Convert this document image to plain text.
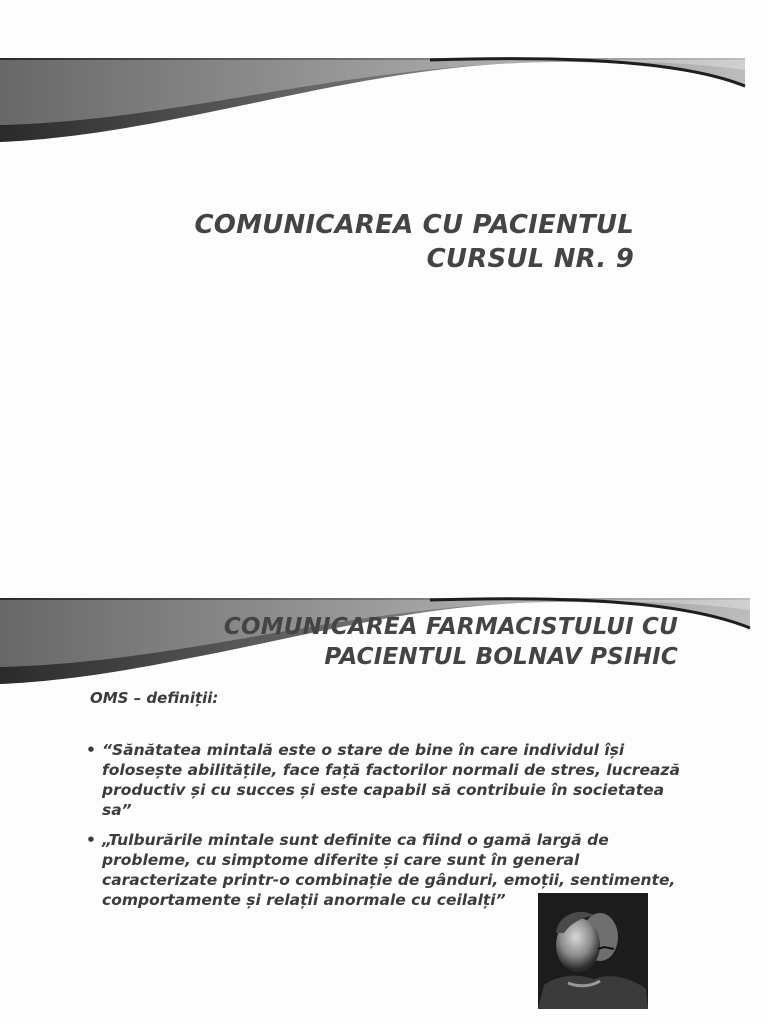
COMUNICAREA CU PACIENTUL
CURSUL NR. 9
COMUNICAREA FARMACISTULUI CU
PACIENTUL BOLNAV PSIHIC
OMS – definiții:
• “Sănătatea mintală este o stare de bine în care individul își folosește abilitățile, face față factorilor normali de stres, lucrează productiv și cu succes și este capabil să contribuie în societatea sa”
• „Tulburările mintale sunt definite ca fiind o gamă largă de probleme, cu simptome diferite și care sunt în general caracterizate printr-o combinație de gânduri, emoții, sentimente, comportamente și relații anormale cu ceilalți”
